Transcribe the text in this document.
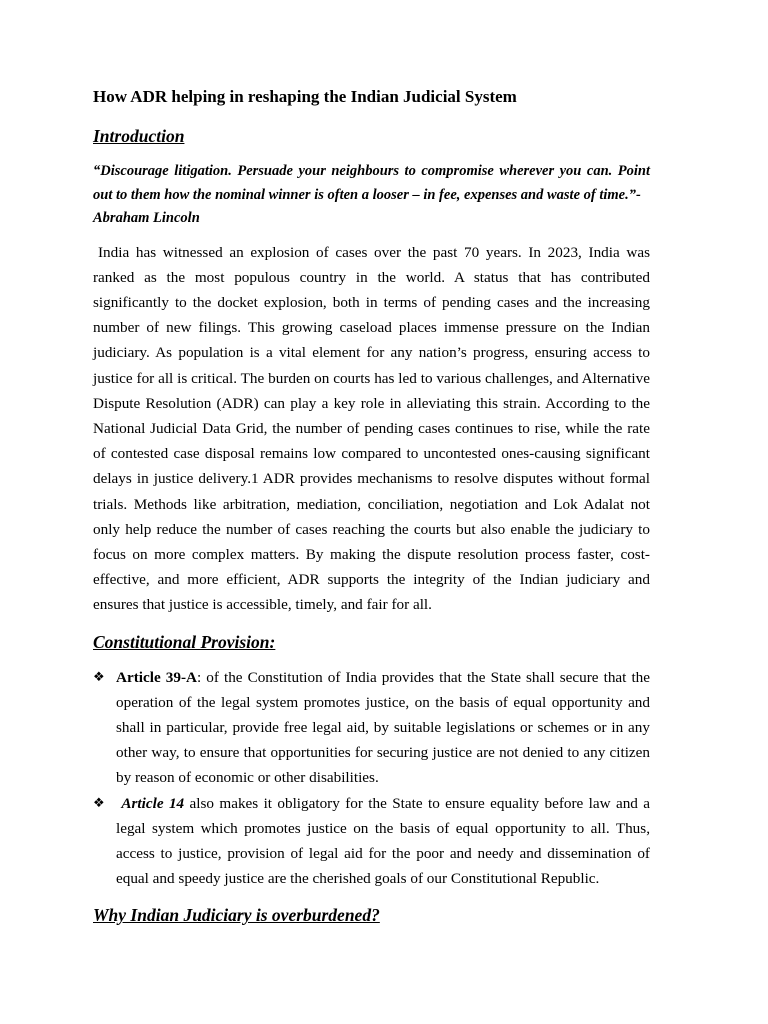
How ADR helping in reshaping the Indian Judicial System
Introduction

“Discourage litigation. Persuade your neighbours to compromise wherever you can. Point out to them how the nominal winner is often a looser – in fee, expenses and waste of time.”-
Abraham Lincoln

India has witnessed an explosion of cases over the past 70 years. In 2023, India was ranked as the most populous country in the world. A status that has contributed significantly to the docket explosion, both in terms of pending cases and the increasing number of new filings. This growing caseload places immense pressure on the Indian judiciary. As population is a vital element for any nation’s progress, ensuring access to justice for all is critical. The burden on courts has led to various challenges, and Alternative Dispute Resolution (ADR) can play a key role in alleviating this strain. According to the National Judicial Data Grid, the number of pending cases continues to rise, while the rate of contested case disposal remains low compared to uncontested ones-causing significant delays in justice delivery.1 ADR provides mechanisms to resolve disputes without formal trials. Methods like arbitration, mediation, conciliation, negotiation and Lok Adalat not only help reduce the number of cases reaching the courts but also enable the judiciary to focus on more complex matters. By making the dispute resolution process faster, cost-effective, and more efficient, ADR supports the integrity of the Indian judiciary and ensures that justice is accessible, timely, and fair for all.

Constitutional Provision:
❖ Article 39-A: of the Constitution of India provides that the State shall secure that the operation of the legal system promotes justice, on the basis of equal opportunity and shall in particular, provide free legal aid, by suitable legislations or schemes or in any other way, to ensure that opportunities for securing justice are not denied to any citizen by reason of economic or other disabilities.
❖ Article 14 also makes it obligatory for the State to ensure equality before law and a legal system which promotes justice on the basis of equal opportunity to all. Thus, access to justice, provision of legal aid for the poor and needy and dissemination of equal and speedy justice are the cherished goals of our Constitutional Republic.
Why Indian Judiciary is overburdened?
